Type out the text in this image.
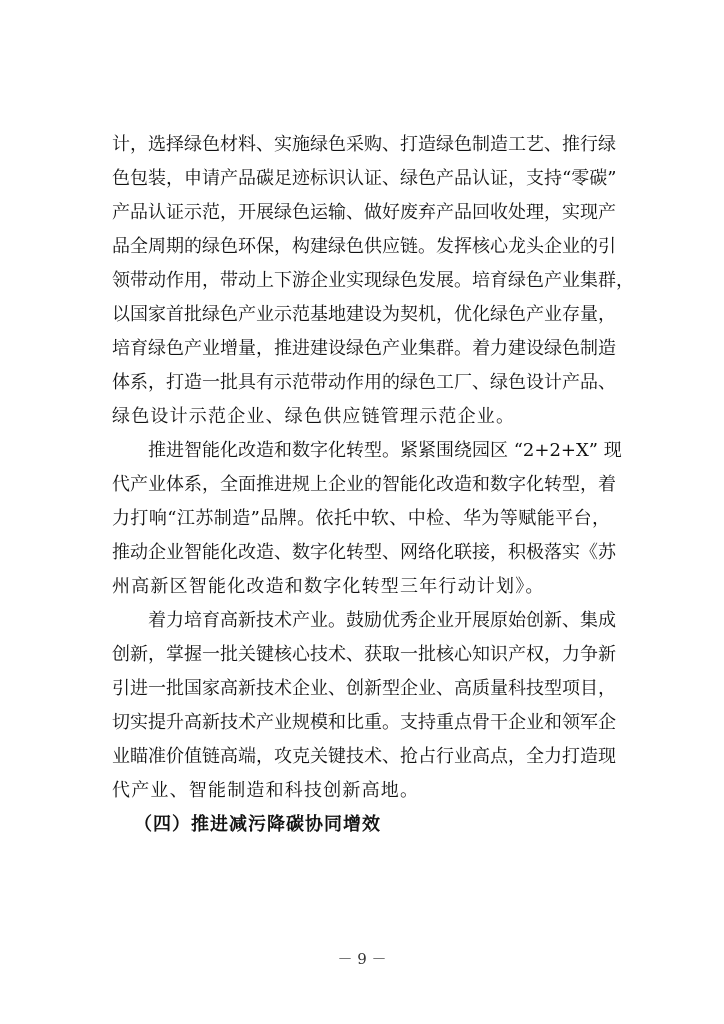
计，选择绿色材料、实施绿色采购、打造绿色制造工艺、推行绿
色包装，申请产品碳足迹标识认证、绿色产品认证，支持“零碳”
产品认证示范，开展绿色运输、做好废弃产品回收处理，实现产
品全周期的绿色环保，构建绿色供应链。发挥核心龙头企业的引
领带动作用，带动上下游企业实现绿色发展。培育绿色产业集群，
以国家首批绿色产业示范基地建设为契机，优化绿色产业存量，
培育绿色产业增量，推进建设绿色产业集群。着力建设绿色制造
体系，打造一批具有示范带动作用的绿色工厂、绿色设计产品、
绿色设计示范企业、绿色供应链管理示范企业。
推进智能化改造和数字化转型。紧紧围绕园区 “2+2+X” 现
代产业体系，全面推进规上企业的智能化改造和数字化转型，着
力打响“江苏制造”品牌。依托中软、中检、华为等赋能平台，
推动企业智能化改造、数字化转型、网络化联接，积极落实《苏
州高新区智能化改造和数字化转型三年行动计划》。
着力培育高新技术产业。鼓励优秀企业开展原始创新、集成
创新，掌握一批关键核心技术、获取一批核心知识产权，力争新
引进一批国家高新技术企业、创新型企业、高质量科技型项目，
切实提升高新技术产业规模和比重。支持重点骨干企业和领军企
业瞄准价值链高端，攻克关键技术、抢占行业高点，全力打造现
代产业、智能制造和科技创新高地。
（四）推进减污降碳协同增效
－ 9 －
